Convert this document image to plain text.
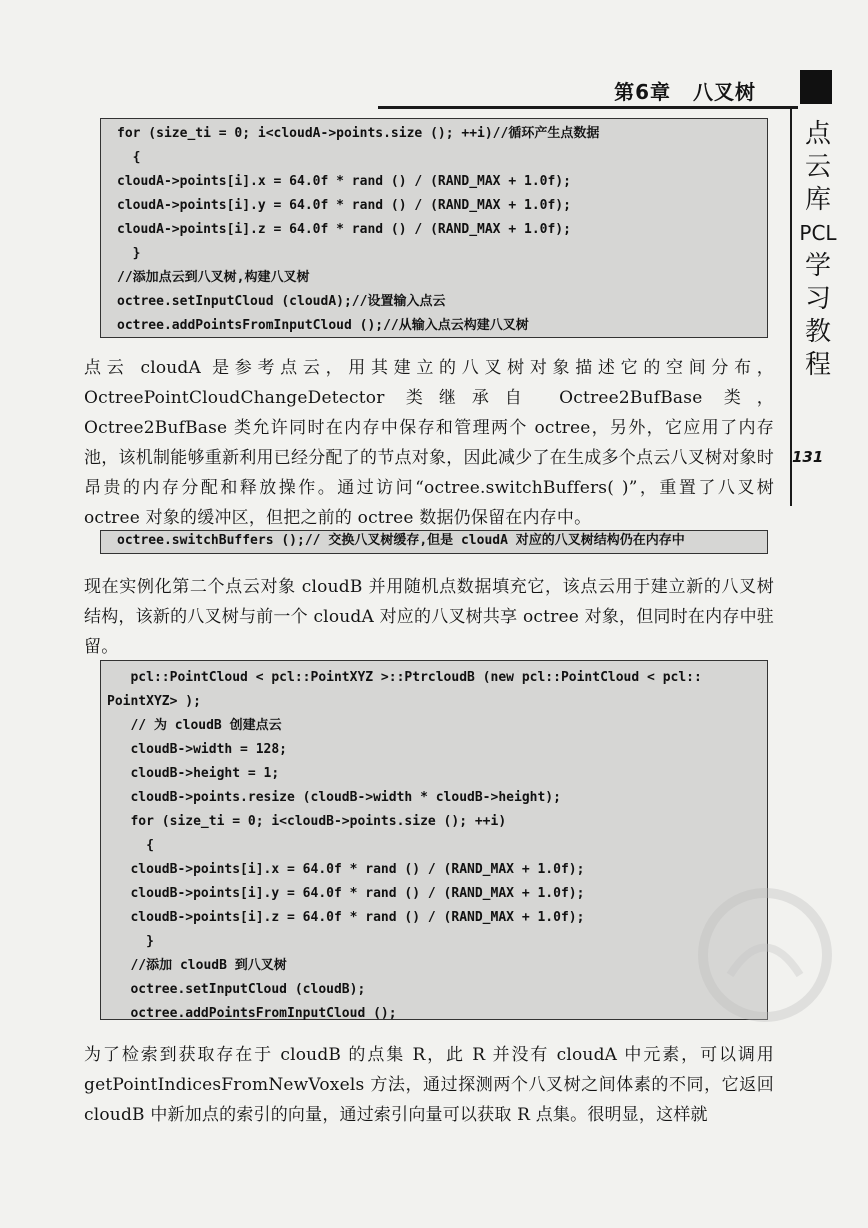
第6章 八叉树
点
云
库
PCL
学
习
教
程
131
for (size_ti = 0; i<cloudA->points.size (); ++i)//循环产生点数据
{
cloudA->points[i].x = 64.0f * rand () / (RAND_MAX + 1.0f);
cloudA->points[i].y = 64.0f * rand () / (RAND_MAX + 1.0f);
cloudA->points[i].z = 64.0f * rand () / (RAND_MAX + 1.0f);
}
//添加点云到八叉树,构建八叉树
octree.setInputCloud (cloudA);//设置输入点云
octree.addPointsFromInputCloud ();//从输入点云构建八叉树

点云 cloudA 是参考点云，用其建立的八叉树对象描述它的空间分布，OctreePointCloudChangeDetector 类继承自 Octree2BufBase 类，Octree2BufBase 类允许同时在内存中保存和管理两个 octree，另外，它应用了内存池，该机制能够重新利用已经分配了的节点对象，因此减少了在生成多个点云八叉树对象时昂贵的内存分配和释放操作。通过访问“octree.switchBuffers( )”，重置了八叉树 octree 对象的缓冲区，但把之前的 octree 数据仍保留在内存中。

octree.switchBuffers ();// 交换八叉树缓存,但是 cloudA 对应的八叉树结构仍在内存中

现在实例化第二个点云对象 cloudB 并用随机点数据填充它，该点云用于建立新的八叉树结构，该新的八叉树与前一个 cloudA 对应的八叉树共享 octree 对象，但同时在内存中驻留。

pcl::PointCloud < pcl::PointXYZ >::PtrcloudB (new pcl::PointCloud < pcl::
PointXYZ> );
// 为 cloudB 创建点云
cloudB->width = 128;
cloudB->height = 1;
cloudB->points.resize (cloudB->width * cloudB->height);
for (size_ti = 0; i<cloudB->points.size (); ++i)
{
cloudB->points[i].x = 64.0f * rand () / (RAND_MAX + 1.0f);
cloudB->points[i].y = 64.0f * rand () / (RAND_MAX + 1.0f);
cloudB->points[i].z = 64.0f * rand () / (RAND_MAX + 1.0f);
}
//添加 cloudB 到八叉树
octree.setInputCloud (cloudB);
octree.addPointsFromInputCloud ();

为了检索到获取存在于 cloudB 的点集 R，此 R 并没有 cloudA 中元素，可以调用 getPointIndicesFromNewVoxels 方法，通过探测两个八叉树之间体素的不同，它返回 cloudB 中新加点的索引的向量，通过索引向量可以获取 R 点集。很明显，这样就
